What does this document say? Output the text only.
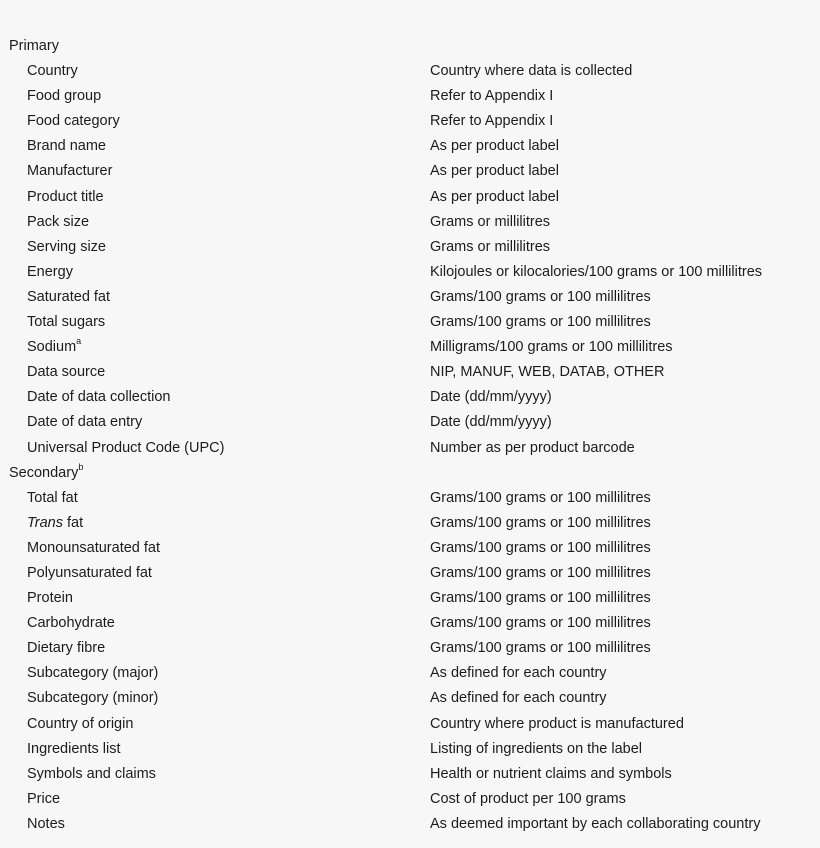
Primary
Country	Country where data is collected
Food group	Refer to Appendix I
Food category	Refer to Appendix I
Brand name	As per product label
Manufacturer	As per product label
Product title	As per product label
Pack size	Grams or millilitres
Serving size	Grams or millilitres
Energy	Kilojoules or kilocalories/100 grams or 100 millilitres
Saturated fat	Grams/100 grams or 100 millilitres
Total sugars	Grams/100 grams or 100 millilitres
Sodium$^a$	Milligrams/100 grams or 100 millilitres
Data source	NIP, MANUF, WEB, DATAB, OTHER
Date of data collection	Date (dd/mm/yyyy)
Date of data entry	Date (dd/mm/yyyy)
Universal Product Code (UPC)	Number as per product barcode
Secondary$^b$
Total fat	Grams/100 grams or 100 millilitres
Trans fat	Grams/100 grams or 100 millilitres
Monounsaturated fat	Grams/100 grams or 100 millilitres
Polyunsaturated fat	Grams/100 grams or 100 millilitres
Protein	Grams/100 grams or 100 millilitres
Carbohydrate	Grams/100 grams or 100 millilitres
Dietary fibre	Grams/100 grams or 100 millilitres
Subcategory (major)	As defined for each country
Subcategory (minor)	As defined for each country
Country of origin	Country where product is manufactured
Ingredients list	Listing of ingredients on the label
Symbols and claims	Health or nutrient claims and symbols
Price	Cost of product per 100 grams
Notes	As deemed important by each collaborating country
